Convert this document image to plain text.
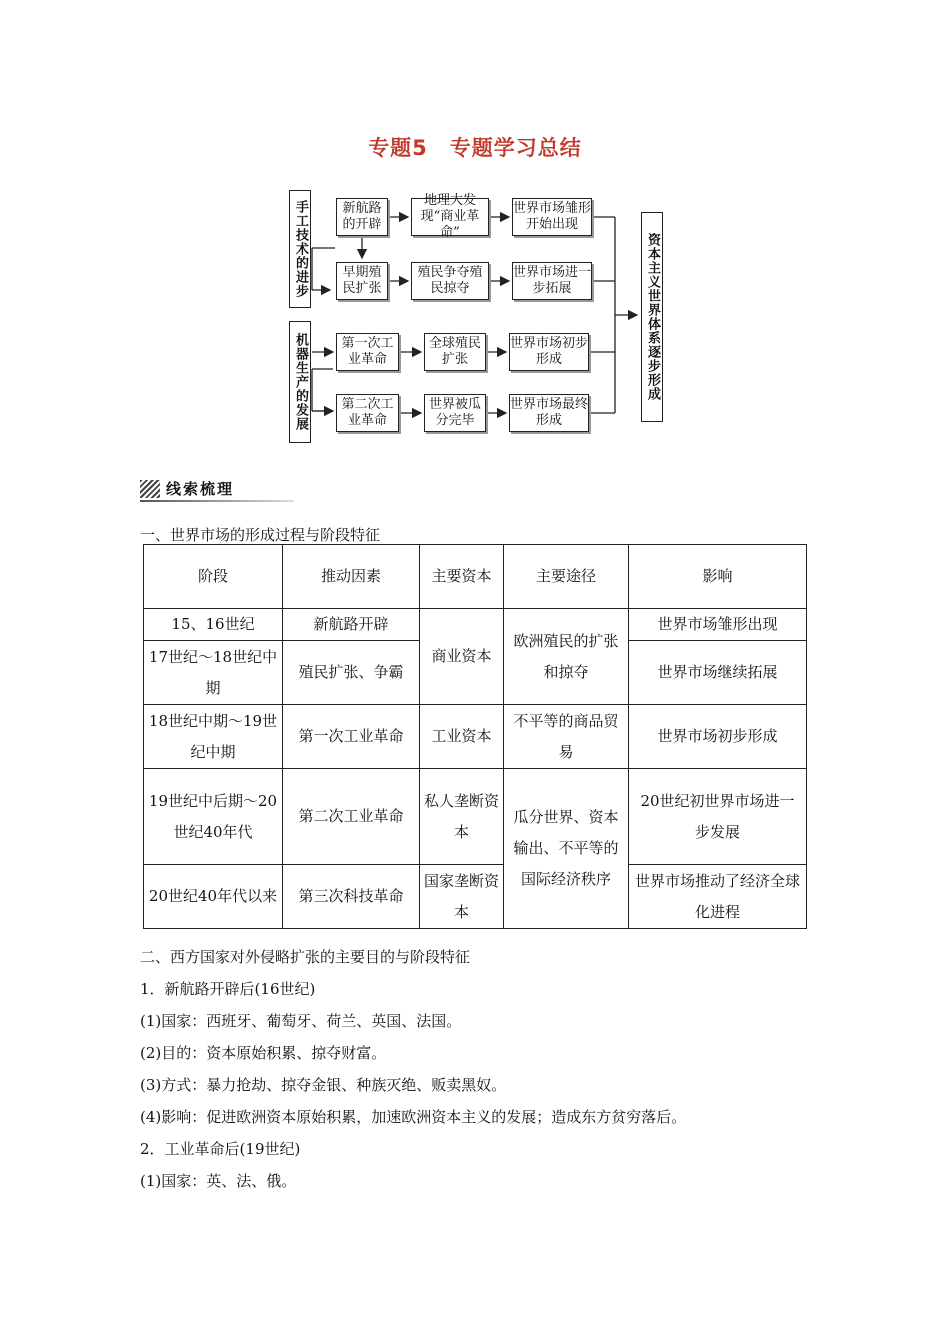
专题5　专题学习总结
手工技术的进步
机器生产的发展	资本主义世界体系逐步形成
新航路的开辟
地理大发现“商业革命”
世界市场雏形开始出现
早期殖民扩张
殖民争夺殖民掠夺
世界市场进一步拓展
第一次工业革命
全球殖民扩张
世界市场初步形成
第二次工业革命
世界被瓜分完毕
世界市场最终形成
线索梳理
一、世界市场的形成过程与阶段特征
阶段	推动因素	主要资本	主要途径	影响
15、16世纪	新航路开辟	商业资本	欧洲殖民的扩张和掠夺	世界市场雏形出现
17世纪～18世纪中期	殖民扩张、争霸			世界市场继续拓展
18世纪中期～19世纪中期	第一次工业革命	工业资本	不平等的商品贸易	世界市场初步形成
19世纪中后期～20世纪40年代	第二次工业革命	私人垄断资本	瓜分世界、资本输出、不平等的国际经济秩序	20世纪初世界市场进一步发展
20世纪40年代以来	第三次科技革命	国家垄断资本		世界市场推动了经济全球化进程
二、西方国家对外侵略扩张的主要目的与阶段特征
1．新航路开辟后(16世纪)
(1)国家：西班牙、葡萄牙、荷兰、英国、法国。
(2)目的：资本原始积累、掠夺财富。
(3)方式：暴力抢劫、掠夺金银、种族灭绝、贩卖黑奴。
(4)影响：促进欧洲资本原始积累，加速欧洲资本主义的发展；造成东方贫穷落后。
2．工业革命后(19世纪)
(1)国家：英、法、俄。
